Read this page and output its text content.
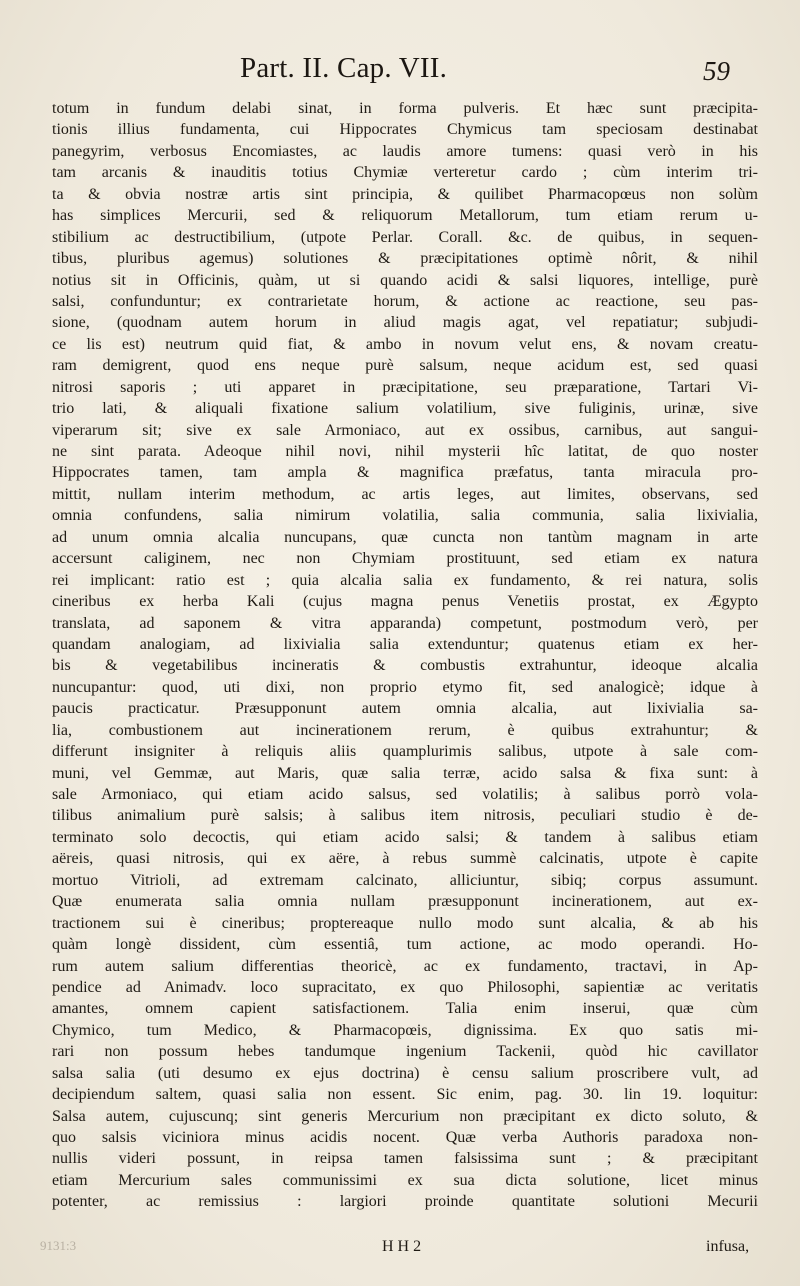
Part. II. Cap. VII.	59
totum in fundum delabi sinat, in forma pulveris. Et hæc sunt præcipita-
tionis illius fundamenta, cui Hippocrates Chymicus tam speciosam destinabat
panegyrim, verbosus Encomiastes, ac laudis amore tumens: quasi verò in his
tam arcanis & inauditis totius Chymiæ verteretur cardo ; cùm interim tri-
ta & obvia nostræ artis sint principia, & quilibet Pharmacopœus non solùm
has simplices Mercurii, sed & reliquorum Metallorum, tum etiam rerum u-
stibilium ac destructibilium, (utpote Perlar. Corall. &c. de quibus, in sequen-
tibus, pluribus agemus) solutiones & præcipitationes optimè nôrit, & nihil
notius sit in Officinis, quàm, ut si quando acidi & salsi liquores, intellige, purè
salsi, confunduntur; ex contrarietate horum, & actione ac reactione, seu pas-
sione, (quodnam autem horum in aliud magis agat, vel repatiatur; subjudi-
ce lis est) neutrum quid fiat, & ambo in novum velut ens, & novam creatu-
ram demigrent, quod ens neque purè salsum, neque acidum est, sed quasi
nitrosi saporis ; uti apparet in præcipitatione, seu præparatione, Tartari Vi-
trio lati, & aliquali fixatione salium volatilium, sive fuliginis, urinæ, sive
viperarum sit; sive ex sale Armoniaco, aut ex ossibus, carnibus, aut sangui-
ne sint parata. Adeoque nihil novi, nihil mysterii hîc latitat, de quo noster
Hippocrates tamen, tam ampla & magnifica præfatus, tanta miracula pro-
mittit, nullam interim methodum, ac artis leges, aut limites, observans, sed
omnia confundens, salia nimirum volatilia, salia communia, salia lixivialia,
ad unum omnia alcalia nuncupans, quæ cuncta non tantùm magnam in arte
accersunt caliginem, nec non Chymiam prostituunt, sed etiam ex natura
rei implicant: ratio est ; quia alcalia salia ex fundamento, & rei natura, solis
cineribus ex herba Kali (cujus magna penus Venetiis prostat, ex Ægypto
translata, ad saponem & vitra apparanda) competunt, postmodum verò, per
quandam analogiam, ad lixivialia salia extenduntur; quatenus etiam ex her-
bis & vegetabilibus incineratis & combustis extrahuntur, ideoque alcalia
nuncupantur: quod, uti dixi, non proprio etymo fit, sed analogicè; idque à
paucis practicatur. Præsupponunt autem omnia alcalia, aut lixivialia sa-
lia, combustionem aut incinerationem rerum, è quibus extrahuntur; &
differunt insigniter à reliquis aliis quamplurimis salibus, utpote à sale com-
muni, vel Gemmæ, aut Maris, quæ salia terræ, acido salsa & fixa sunt: à
sale Armoniaco, qui etiam acido salsus, sed volatilis; à salibus porrò vola-
tilibus animalium purè salsis; à salibus item nitrosis, peculiari studio è de-
terminato solo decoctis, qui etiam acido salsi; & tandem à salibus etiam
aëreis, quasi nitrosis, qui ex aëre, à rebus summè calcinatis, utpote è capite
mortuo Vitrioli, ad extremam calcinato, alliciuntur, sibiq; corpus assumunt.
Quæ enumerata salia omnia nullam præsupponunt incinerationem, aut ex-
tractionem sui è cineribus; proptereaque nullo modo sunt alcalia, & ab his
quàm longè dissident, cùm essentiâ, tum actione, ac modo operandi. Ho-
rum autem salium differentias theoricè, ac ex fundamento, tractavi, in Ap-
pendice ad Animadv. loco supracitato, ex quo Philosophi, sapientiæ ac veritatis
amantes, omnem capient satisfactionem. Talia enim inserui, quæ cùm
Chymico, tum Medico, & Pharmacopœis, dignissima. Ex quo satis mi-
rari non possum hebes tandumque ingenium Tackenii, quòd hic cavillator
salsa salia (uti desumo ex ejus doctrina) è censu salium proscribere vult, ad
decipiendum saltem, quasi salia non essent. Sic enim, pag. 30. lin 19. loquitur:
Salsa autem, cujuscunq; sint generis Mercurium non præcipitant ex dicto soluto, &
quo salsis viciniora minus acidis nocent. Quæ verba Authoris paradoxa non-
nullis videri possunt, in reipsa tamen falsissima sunt ; & præcipitant
etiam Mercurium sales communissimi ex sua dicta solutione, licet minus
potenter, ac remissius : largiori proinde quantitate solutioni Mecurii
9131:3	H H 2	infusa,
